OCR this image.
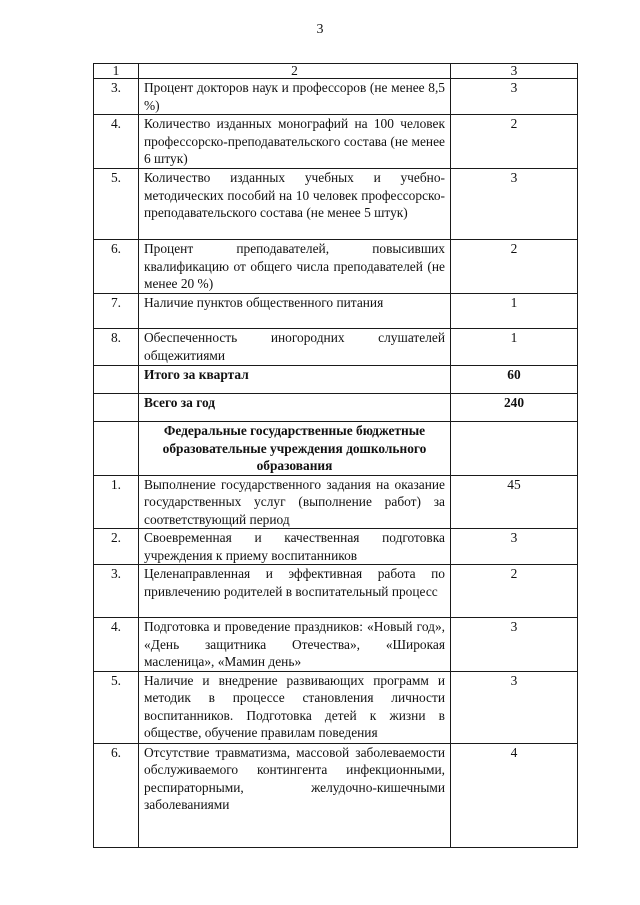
3
1	2	3
3.	Процент докторов наук и профессоров (не менее 8,5 %)	3
4.	Количество изданных монографий на 100 человек профессорско-преподавательского состава (не менее 6 штук)	2
5.	Количество изданных учебных и учебно-методических пособий на 10 человек профессорско-преподавательского состава (не менее 5 штук)	3
6.	Процент преподавателей, повысивших квалификацию от общего числа преподавателей (не менее 20 %)	2
7.	Наличие пунктов общественного питания	1
8.	Обеспеченность иногородних слушателей общежитиями	1
	Итого за квартал	60
	Всего за год	240
	Федеральные государственные бюджетные образовательные учреждения дошкольного образования	
1.	Выполнение государственного задания на оказание государственных услуг (выполнение работ) за соответствующий период	45
2.	Своевременная и качественная подготовка учреждения к приему воспитанников	3
3.	Целенаправленная и эффективная работа по привлечению родителей в воспитательный процесс	2
4.	Подготовка и проведение праздников: «Новый год», «День защитника Отечества», «Широкая масленица», «Мамин день»	3
5.	Наличие и внедрение развивающих программ и методик в процессе становления личности воспитанников. Подготовка детей к жизни в обществе, обучение правилам поведения	3
6.	Отсутствие травматизма, массовой заболеваемости обслуживаемого контингента инфекционными, респираторными, желудочно-кишечными заболеваниями	4
